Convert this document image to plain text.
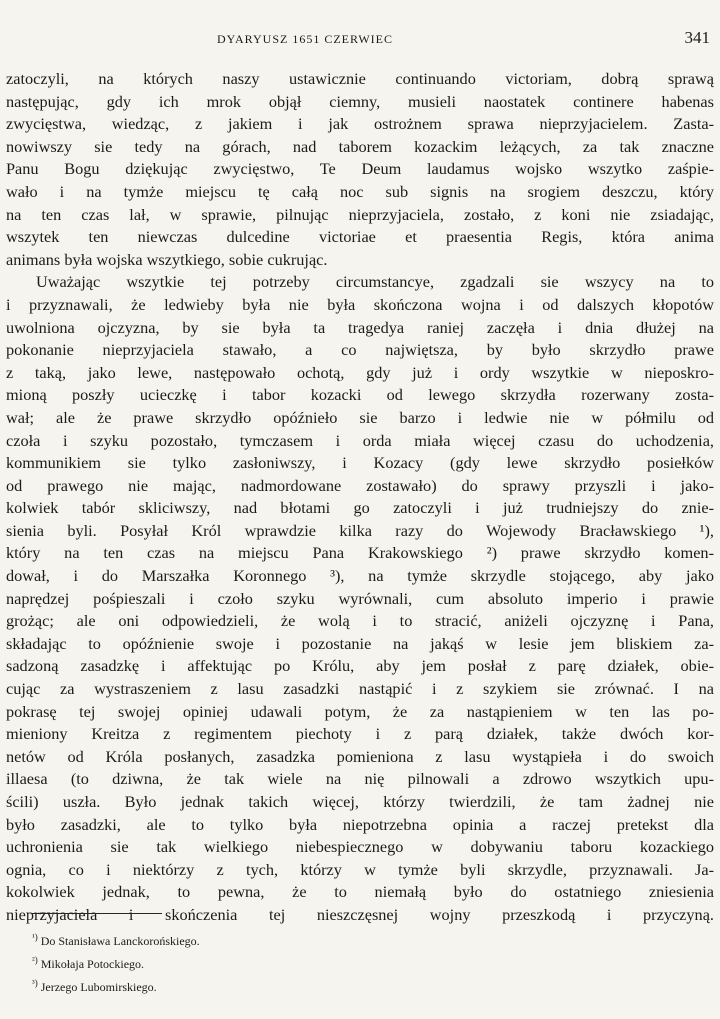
DYARYUSZ 1651 CZERWIEC	341
zatoczyli, na których naszy ustawicznie continuando victoriam, dobrą sprawą
następując, gdy ich mrok objął ciemny, musieli naostatek continere habenas
zwycięstwa, wiedząc, z jakiem i jak ostrożnem sprawa nieprzyjacielem. Zasta-
nowiwszy sie tedy na górach, nad taborem kozackim leżących, za tak znaczne
Panu Bogu dziękując zwycięstwo, Te Deum laudamus wojsko wszytko zaśpie-
wało i na tymże miejscu tę całą noc sub signis na srogiem deszczu, który
na ten czas lał, w sprawie, pilnując nieprzyjaciela, zostało, z koni nie zsiadając,
wszytek ten niewczas dulcedine victoriae et praesentia Regis, która anima
animans była wojska wszytkiego, sobie cukrując.
Uważając wszytkie tej potrzeby circumstancye, zgadzali sie wszycy na to
i przyznawali, że ledwieby była nie była skończona wojna i od dalszych kłopotów
uwolniona ojczyzna, by sie była ta tragedya raniej zaczęła i dnia dłużej na
pokonanie nieprzyjaciela stawało, a co najwiętsza, by było skrzydło prawe
z taką, jako lewe, następowało ochotą, gdy już i ordy wszytkie w nieposkro-
mioną poszły ucieczkę i tabor kozacki od lewego skrzydła rozerwany zosta-
wał; ale że prawe skrzydło opóźnieło sie barzo i ledwie nie w półmilu od
czoła i szyku pozostało, tymczasem i orda miała więcej czasu do uchodzenia,
kommunikiem sie tylko zasłoniwszy, i Kozacy (gdy lewe skrzydło posiełków
od prawego nie mając, nadmordowane zostawało) do sprawy przyszli i jako-
kolwiek tabór skliciwszy, nad błotami go zatoczyli i już trudniejszy do znie-
sienia byli. Posyłał Król wprawdzie kilka razy do Wojewody Bracławskiego ¹),
który na ten czas na miejscu Pana Krakowskiego ²) prawe skrzydło komen-
dował, i do Marszałka Koronnego ³), na tymże skrzydle stojącego, aby jako
naprędzej pośpieszali i czoło szyku wyrównali, cum absoluto imperio i prawie
grożąc; ale oni odpowiedzieli, że wolą i to stracić, aniżeli ojczyznę i Pana,
składając to opóźnienie swoje i pozostanie na jakąś w lesie jem bliskiem za-
sadzoną zasadzkę i affektując po Królu, aby jem posłał z parę działek, obie-
cując za wystraszeniem z lasu zasadzki nastąpić i z szykiem sie zrównać. I na
pokrasę tej swojej opiniej udawali potym, że za nastąpieniem w ten las po-
mieniony Kreitza z regimentem piechoty i z parą działek, także dwóch kor-
netów od Króla posłanych, zasadzka pomieniona z lasu wystąpieła i do swoich
illaesa (to dziwna, że tak wiele na nię pilnowali a zdrowo wszytkich upu-
ścili) uszła. Było jednak takich więcej, którzy twierdzili, że tam żadnej nie
było zasadzki, ale to tylko była niepotrzebna opinia a raczej pretekst dla
uchronienia sie tak wielkiego niebespiecznego w dobywaniu taboru kozackiego
ognia, co i niektórzy z tych, którzy w tymże byli skrzydle, przyznawali. Ja-
kokolwiek jednak, to pewna, że to niemałą było do ostatniego zniesienia
nieprzyjaciela i skończenia tej nieszczęsnej wojny przeszkodą i przyczyną.
$^{^1)}$ Do Stanisława Lanckorońskiego.
$^{^2)}$ Mikołaja Potockiego.
$^{^3)}$ Jerzego Lubomirskiego.
